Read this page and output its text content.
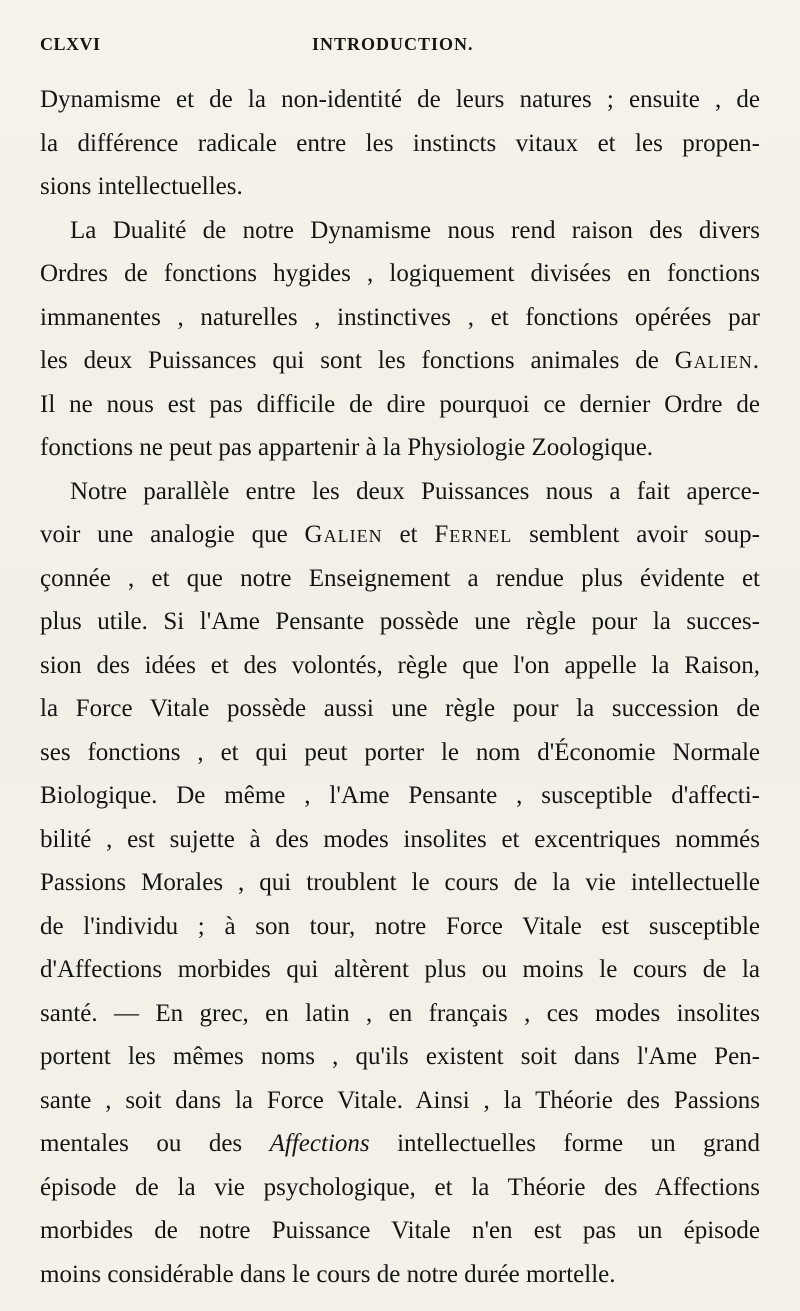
CLXVI	INTRODUCTION.
Dynamisme et de la non-identité de leurs natures ; ensuite , de
la différence radicale entre les instincts vitaux et les propen-
sions intellectuelles.
La Dualité de notre Dynamisme nous rend raison des divers
Ordres de fonctions hygides , logiquement divisées en fonctions
immanentes , naturelles , instinctives , et fonctions opérées par
les deux Puissances qui sont les fonctions animales de Galien.
Il ne nous est pas difficile de dire pourquoi ce dernier Ordre de
fonctions ne peut pas appartenir à la Physiologie Zoologique.
Notre parallèle entre les deux Puissances nous a fait aperce-
voir une analogie que Galien et Fernel semblent avoir soup-
çonnée , et que notre Enseignement a rendue plus évidente et
plus utile. Si l'Ame Pensante possède une règle pour la succes-
sion des idées et des volontés, règle que l'on appelle la Raison,
la Force Vitale possède aussi une règle pour la succession de
ses fonctions , et qui peut porter le nom d'Économie Normale
Biologique. De même , l'Ame Pensante , susceptible d'affecti-
bilité , est sujette à des modes insolites et excentriques nommés
Passions Morales , qui troublent le cours de la vie intellectuelle
de l'individu ; à son tour, notre Force Vitale est susceptible
d'Affections morbides qui altèrent plus ou moins le cours de la
santé. — En grec, en latin , en français , ces modes insolites
portent les mêmes noms , qu'ils existent soit dans l'Ame Pen-
sante , soit dans la Force Vitale. Ainsi , la Théorie des Passions
mentales ou des Affections intellectuelles forme un grand
épisode de la vie psychologique, et la Théorie des Affections
morbides de notre Puissance Vitale n'en est pas un épisode
moins considérable dans le cours de notre durée mortelle.
